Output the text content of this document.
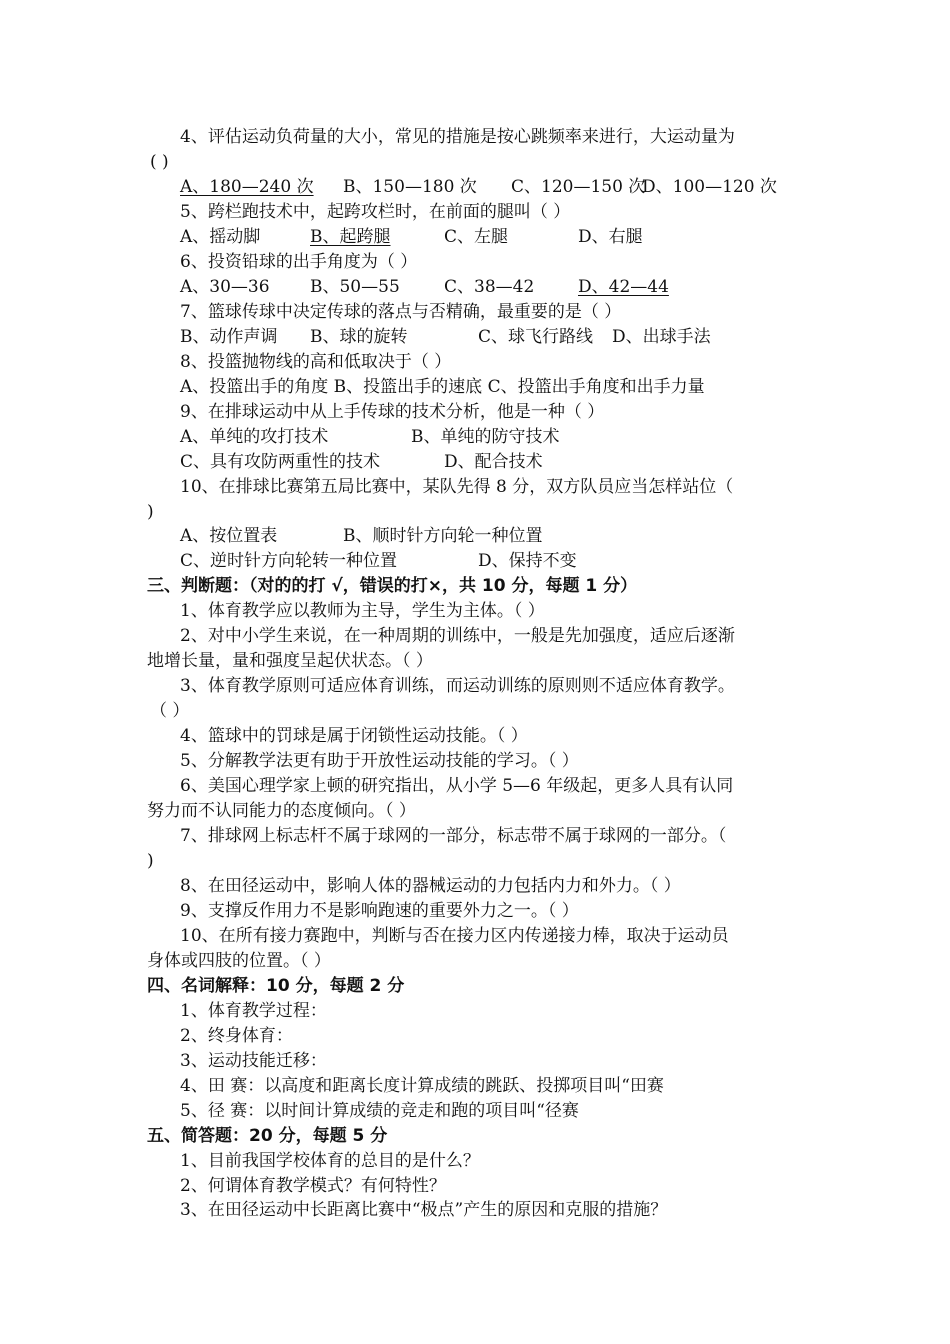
4、评估运动负荷量的大小，常见的措施是按心跳频率来进行，大运动量为
( )
A、180—240 次 B、150—180 次 C、120—150 次
D、100—120 次
5、跨栏跑技术中，起跨攻栏时，在前面的腿叫（ ）
A、摇动脚	B、起跨腿	C、左腿	D、右腿
6、投资铅球的出手角度为（ ）
A、30—36 B、50—55	C、38—42	D、42—44
7、篮球传球中决定传球的落点与否精确，最重要的是（ ）
B、动作声调 B、球的旋转	C、球飞行路线 D、出球手法
8、投篮抛物线的高和低取决于（ ）
A、投篮出手的角度 B、投篮出手的速底 C、投篮出手角度和出手力量
9、在排球运动中从上手传球的技术分析，他是一种（ ）
A、单纯的攻打技术	B、单纯的防守技术
C、具有攻防两重性的技术	D、配合技术
10、在排球比赛第五局比赛中，某队先得 8 分，双方队员应当怎样站位（
)
A、按位置表	B、顺时针方向轮一种位置
C、逆时针方向轮转一种位置	D、保持不变
三、判断题：（对的的打 √，错误的打×，共 10 分，每题 1 分）
1、体育教学应以教师为主导，学生为主体。（ ）
2、对中小学生来说，在一种周期的训练中，一般是先加强度，适应后逐渐
地增长量，量和强度呈起伏状态。（ ）
3、体育教学原则可适应体育训练，而运动训练的原则则不适应体育教学。
（ ）
4、篮球中的罚球是属于闭锁性运动技能。（ ）
5、分解教学法更有助于开放性运动技能的学习。（ ）
6、美国心理学家上顿的研究指出，从小学 5—6 年级起，更多人具有认同
努力而不认同能力的态度倾向。（ ）
7、排球网上标志杆不属于球网的一部分，标志带不属于球网的一部分。（
)
8、在田径运动中，影响人体的器械运动的力包括内力和外力。（ ）
9、支撑反作用力不是影响跑速的重要外力之一。（ ）
10、在所有接力赛跑中，判断与否在接力区内传递接力棒，取决于运动员
身体或四肢的位置。（ ）
四、名词解释：10 分，每题 2 分
1、体育教学过程：
2、终身体育：
3、运动技能迁移：
4、田 赛：以高度和距离长度计算成绩的跳跃、投掷项目叫“田赛
5、径 赛：以时间计算成绩的竞走和跑的项目叫“径赛
五、简答题：20 分，每题 5 分
1、目前我国学校体育的总目的是什么？
2、何谓体育教学模式？有何特性？
3、在田径运动中长距离比赛中“极点”产生的原因和克服的措施？
